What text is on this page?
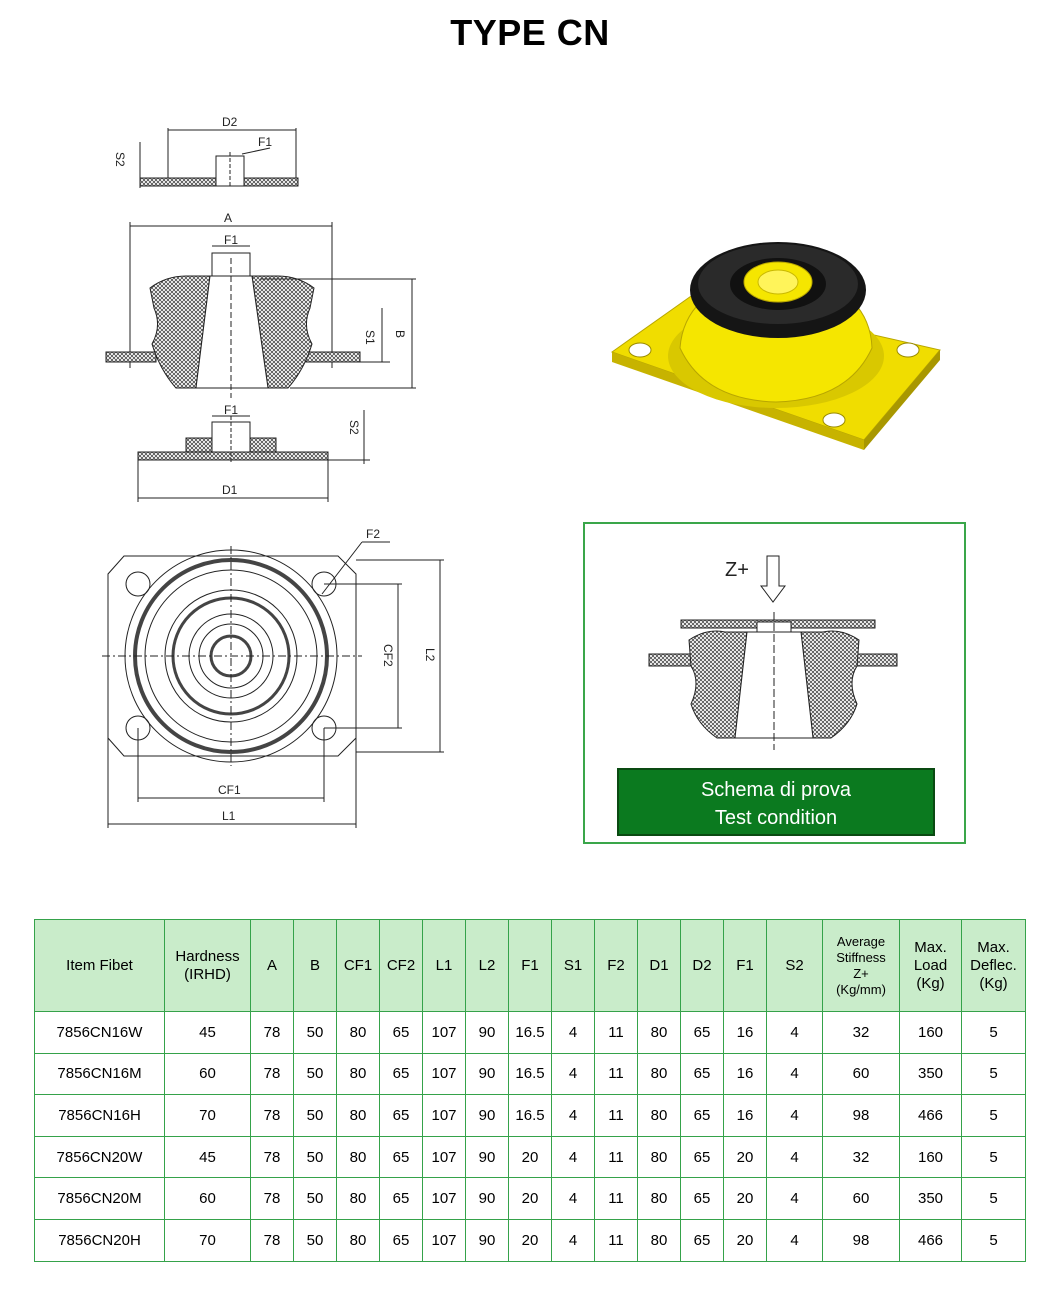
TYPE CN
D2
F1
S2
A
F1
S1 B
F1
S2
D1
F2
CF2 L2
CF1
L1
Z+
Schema di prova
Test condition
Item Fibet	Hardness
(IRHD)	A	B	CF1	CF2	L1	L2	F1	S1	F2	D1	D2	F1	S2	Average
Stiffness
Z+
(Kg/mm)	Max.
Load
(Kg)	Max.
Deflec.
(Kg)

7856CN16W	45	78	50	80	65	107	90	16.5	4	11	80	65	16	4	32	160	5
7856CN16M	60	78	50	80	65	107	90	16.5	4	11	80	65	16	4	60	350	5
7856CN16H	70	78	50	80	65	107	90	16.5	4	11	80	65	16	4	98	466	5
7856CN20W	45	78	50	80	65	107	90	20	4	11	80	65	20	4	32	160	5
7856CN20M	60	78	50	80	65	107	90	20	4	11	80	65	20	4	60	350	5
7856CN20H	70	78	50	80	65	107	90	20	4	11	80	65	20	4	98	466	5
